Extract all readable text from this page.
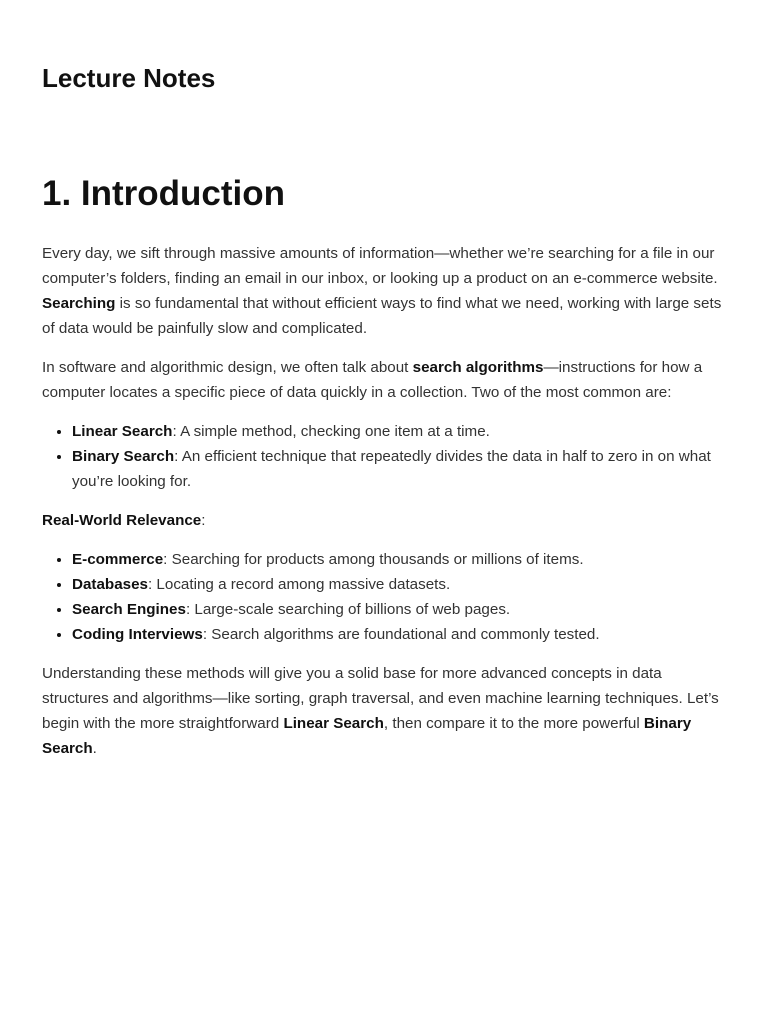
Lecture Notes
1. Introduction

Every day, we sift through massive amounts of information—whether we’re searching for a file in our computer’s folders, finding an email in our inbox, or looking up a product on an e-commerce website. Searching is so fundamental that without efficient ways to find what we need, working with large sets of data would be painfully slow and complicated.

In software and algorithmic design, we often talk about search algorithms—instructions for how a computer locates a specific piece of data quickly in a collection. Two of the most common are:

• Linear Search: A simple method, checking one item at a time.
• Binary Search: An efficient technique that repeatedly divides the data in half to zero in on what you’re looking for.

Real-World Relevance:

• E-commerce: Searching for products among thousands or millions of items.
• Databases: Locating a record among massive datasets.
• Search Engines: Large-scale searching of billions of web pages.
• Coding Interviews: Search algorithms are foundational and commonly tested.

Understanding these methods will give you a solid base for more advanced concepts in data structures and algorithms—like sorting, graph traversal, and even machine learning techniques. Let’s begin with the more straightforward Linear Search, then compare it to the more powerful Binary Search.
